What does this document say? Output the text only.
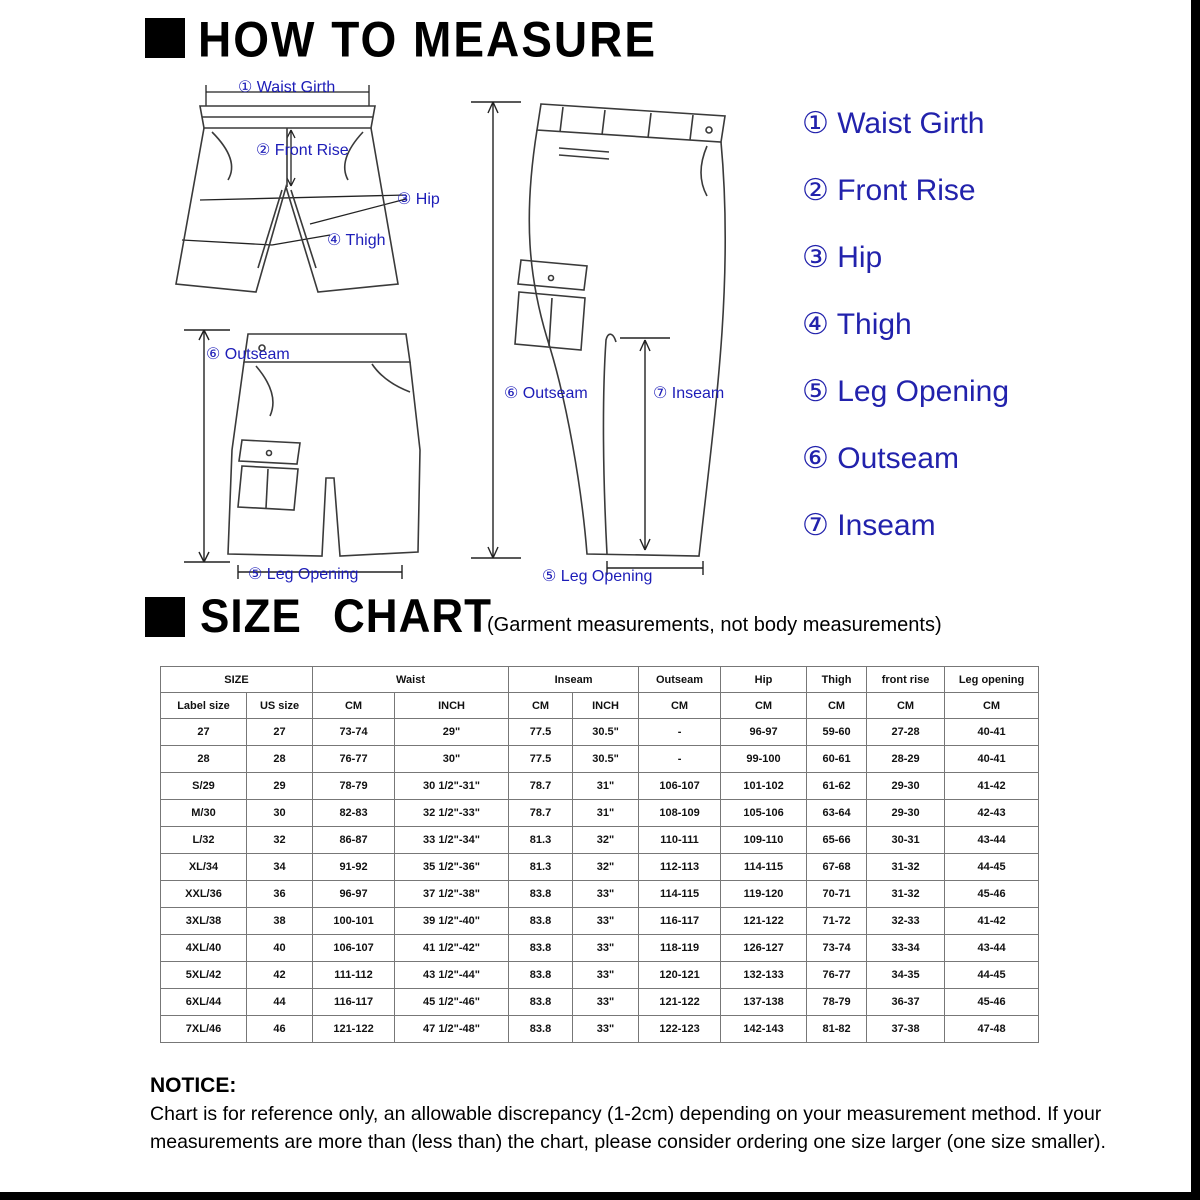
HOW TO MEASURE
① Waist Girth
② Front Rise
③ Hip
④ Thigh
⑥ Outseam
⑤ Leg Opening
⑥ Outseam	⑦ Inseam
⑤ Leg Opening
① Waist Girth
② Front Rise
③ Hip
④ Thigh
⑤ Leg Opening
⑥ Outseam
⑦ Inseam
SIZE CHART
(Garment measurements, not body measurements)
SIZE		Waist		Inseam		Outseam	Hip	Thigh	front rise	Leg opening
Label size	US size	CM	INCH	CM	INCH	CM	CM	CM	CM	CM
27	27	73-74	29"	77.5	30.5"	-	96-97	59-60	27-28	40-41
28	28	76-77	30"	77.5	30.5"	-	99-100	60-61	28-29	40-41
S/29	29	78-79	30 1/2"-31"	78.7	31"	106-107	101-102	61-62	29-30	41-42
M/30	30	82-83	32 1/2"-33"	78.7	31"	108-109	105-106	63-64	29-30	42-43
L/32	32	86-87	33 1/2"-34"	81.3	32"	110-111	109-110	65-66	30-31	43-44
XL/34	34	91-92	35 1/2"-36"	81.3	32"	112-113	114-115	67-68	31-32	44-45
XXL/36	36	96-97	37 1/2"-38"	83.8	33"	114-115	119-120	70-71	31-32	45-46
3XL/38	38	100-101	39 1/2"-40"	83.8	33"	116-117	121-122	71-72	32-33	41-42
4XL/40	40	106-107	41 1/2"-42"	83.8	33"	118-119	126-127	73-74	33-34	43-44
5XL/42	42	111-112	43 1/2"-44"	83.8	33"	120-121	132-133	76-77	34-35	44-45
6XL/44	44	116-117	45 1/2"-46"	83.8	33"	121-122	137-138	78-79	36-37	45-46
7XL/46	46	121-122	47 1/2"-48"	83.8	33"	122-123	142-143	81-82	37-38	47-48
NOTICE:
Chart is for reference only, an allowable discrepancy (1-2cm) depending on your measurement method. If your measurements are more than (less than) the chart, please consider ordering one size larger (one size smaller).
